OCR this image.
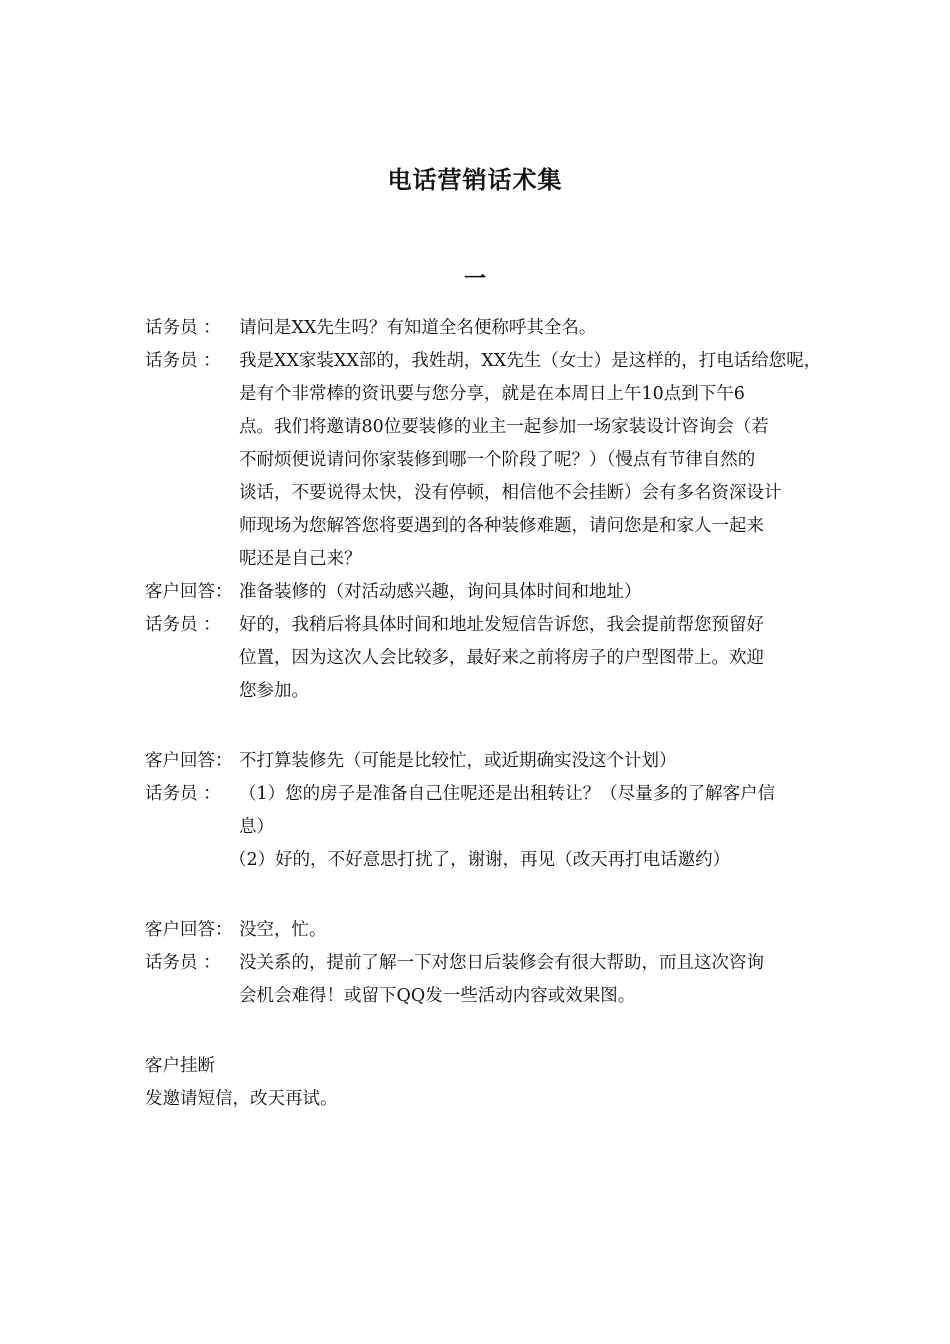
电话营销话术集
一
话务员 ：	请问是XX先生吗？有知道全名便称呼其全名。
话务员 ：	我是XX家装XX部的，我姓胡，XX先生（女士）是这样的，打电话给您呢，
是有个非常棒的资讯要与您分享，就是在本周日上午10点到下午6
点。我们将邀请80位要装修的业主一起参加一场家装设计咨询会（若
不耐烦便说请问你家装修到哪一个阶段了呢？）（慢点有节律自然的
谈话，不要说得太快，没有停顿，相信他不会挂断）会有多名资深设计
师现场为您解答您将要遇到的各种装修难题，请问您是和家人一起来
呢还是自己来？
客户回答： 准备装修的（对活动感兴趣，询问具体时间和地址）
话务员 ：	好的，我稍后将具体时间和地址发短信告诉您，我会提前帮您预留好
位置，因为这次人会比较多，最好来之前将房子的户型图带上。欢迎
您参加。
客户回答： 不打算装修先（可能是比较忙，或近期确实没这个计划）
话务员 ：	（1）您的房子是准备自己住呢还是出租转让？（尽量多的了解客户信
息）
（2）好的，不好意思打扰了，谢谢，再见（改天再打电话邀约）
客户回答： 没空，忙。
话务员 ：	没关系的，提前了解一下对您日后装修会有很大帮助，而且这次咨询
会机会难得！或留下QQ发一些活动内容或效果图。
客户挂断
发邀请短信，改天再试。
